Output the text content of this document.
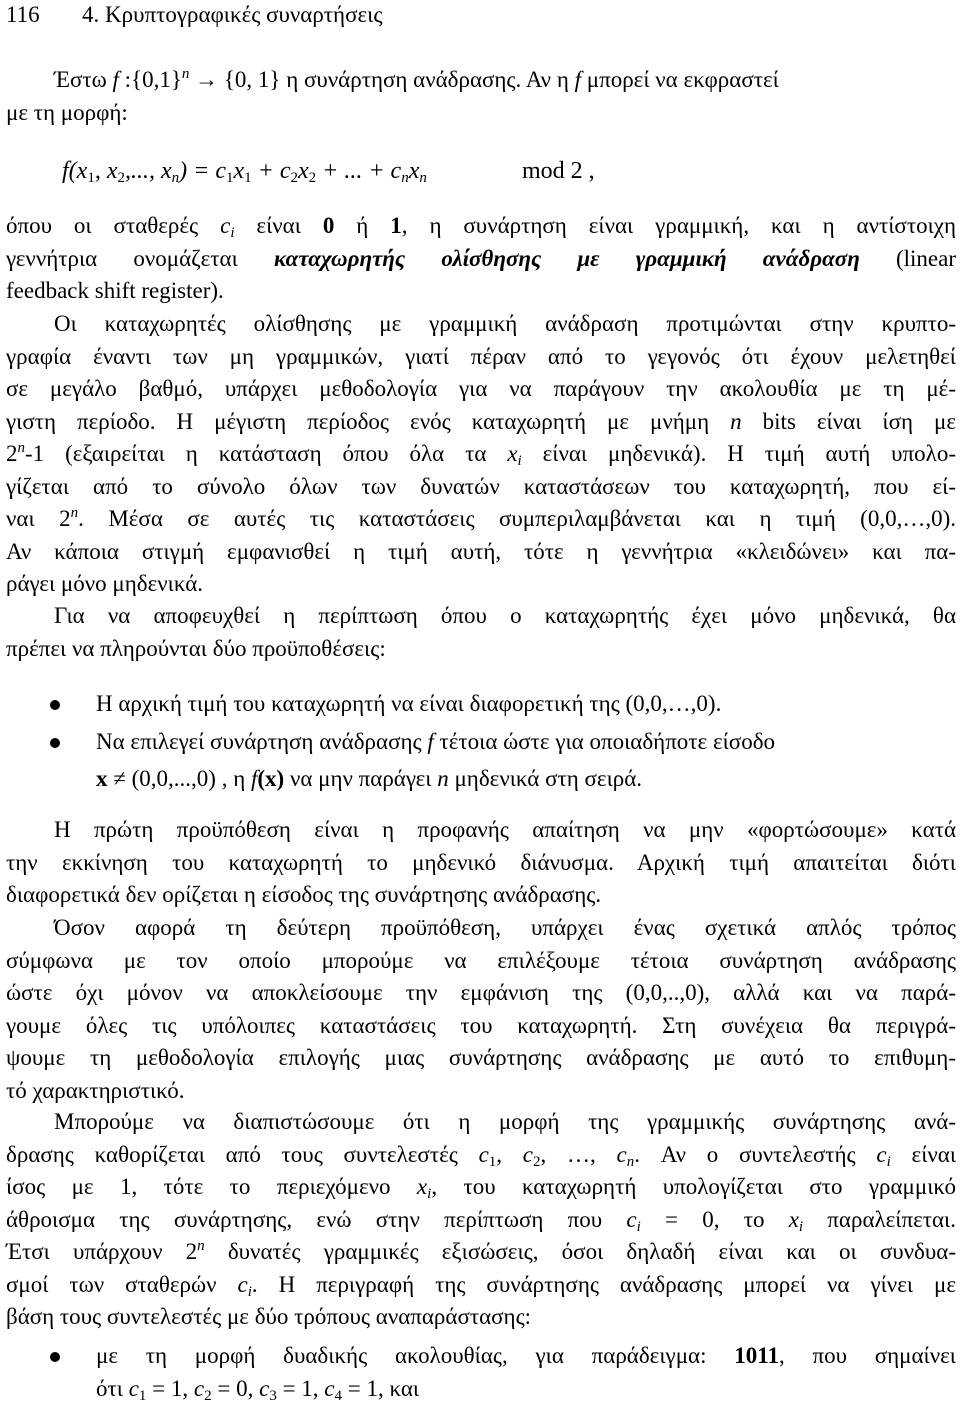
116 4. Κρυπτογραφικές συναρτήσεις
Έστω f $:\{0,1\}^n \to \{0$, 1} η συνάρτηση ανάδρασης. Αν η f μπορεί να εκφραστεί
με τη μορφή:
$f(x_1$, $x_2$,..., $x_n) = c_1x_1 + c_2x_2$ + ... + $c_nx_n$	mod 2 ,
όπου οι σταθερές $c_i$ είναι 0 ή 1, η συνάρτηση είναι γραμμική, και η αντίστοιχη
γεννήτρια ονομάζεται καταχωρητής ολίσθησης με γραμμική ανάδραση (linear
feedback shift register).
Οι καταχωρητές ολίσθησης με γραμμική ανάδραση προτιμώνται στην κρυπτο-
γραφία έναντι των μη γραμμικών, γιατί πέραν από το γεγονός ότι έχουν μελετηθεί
σε μεγάλο βαθμό, υπάρχει μεθοδολογία για να παράγουν την ακολουθία με τη μέ-
γιστη περίοδο. Η μέγιστη περίοδος ενός καταχωρητή με μνήμη n bits είναι ίση με
2$^n$-1 (εξαιρείται η κατάσταση όπου όλα τα $x_i$ είναι μηδενικά). Η τιμή αυτή υπολο-
γίζεται από το σύνολο όλων των δυνατών καταστάσεων του καταχωρητή, που εί-
ναι 2$^n$. Μέσα σε αυτές τις καταστάσεις συμπεριλαμβάνεται και η τιμή (0,0,…,0).
Αν κάποια στιγμή εμφανισθεί η τιμή αυτή, τότε η γεννήτρια «κλειδώνει» και πα-
ράγει μόνο μηδενικά.
Για να αποφευχθεί η περίπτωση όπου ο καταχωρητής έχει μόνο μηδενικά, θα
πρέπει να πληρούνται δύο προϋποθέσεις:
Η αρχική τιμή του καταχωρητή να είναι διαφορετική της (0,0,…,0).
Να επιλεγεί συνάρτηση ανάδρασης f τέτοια ώστε για οποιαδήποτε είσοδο
x ≠ (0,0,...,0) , η f(x) να μην παράγει n μηδενικά στη σειρά.
Η πρώτη προϋπόθεση είναι η προφανής απαίτηση να μην «φορτώσουμε» κατά
την εκκίνηση του καταχωρητή το μηδενικό διάνυσμα. Αρχική τιμή απαιτείται διότι
διαφορετικά δεν ορίζεται η είσοδος της συνάρτησης ανάδρασης.
Όσον αφορά τη δεύτερη προϋπόθεση, υπάρχει ένας σχετικά απλός τρόπος
σύμφωνα με τον οποίο μπορούμε να επιλέξουμε τέτοια συνάρτηση ανάδρασης
ώστε όχι μόνον να αποκλείσουμε την εμφάνιση της (0,0,..,0), αλλά και να παρά-
γουμε όλες τις υπόλοιπες καταστάσεις του καταχωρητή. Στη συνέχεια θα περιγρά-
ψουμε τη μεθοδολογία επιλογής μιας συνάρτησης ανάδρασης με αυτό το επιθυμη-
τό χαρακτηριστικό.
Μπορούμε να διαπιστώσουμε ότι η μορφή της γραμμικής συνάρτησης ανά-
δρασης καθορίζεται από τους συντελεστές $c_1$, $c_2$, …, $c_n$. Αν ο συντελεστής $c_i$ είναι
ίσος με 1, τότε το περιεχόμενο $x_i$, του καταχωρητή υπολογίζεται στο γραμμικό
άθροισμα της συνάρτησης, ενώ στην περίπτωση που $c_i = 0$, το $x_i$ παραλείπεται.
Έτσι υπάρχουν 2$^n$ δυνατές γραμμικές εξισώσεις, όσοι δηλαδή είναι και οι συνδυα-
σμοί των σταθερών $c_i$. Η περιγραφή της συνάρτησης ανάδρασης μπορεί να γίνει με
βάση τους συντελεστές με δύο τρόπους αναπαράστασης:
με τη μορφή δυαδικής ακολουθίας, για παράδειγμα: 1011, που σημαίνει
ότι $c_1 = 1$, $c_2 = 0$, $c_3 = 1$, $c_4 = 1$, και
